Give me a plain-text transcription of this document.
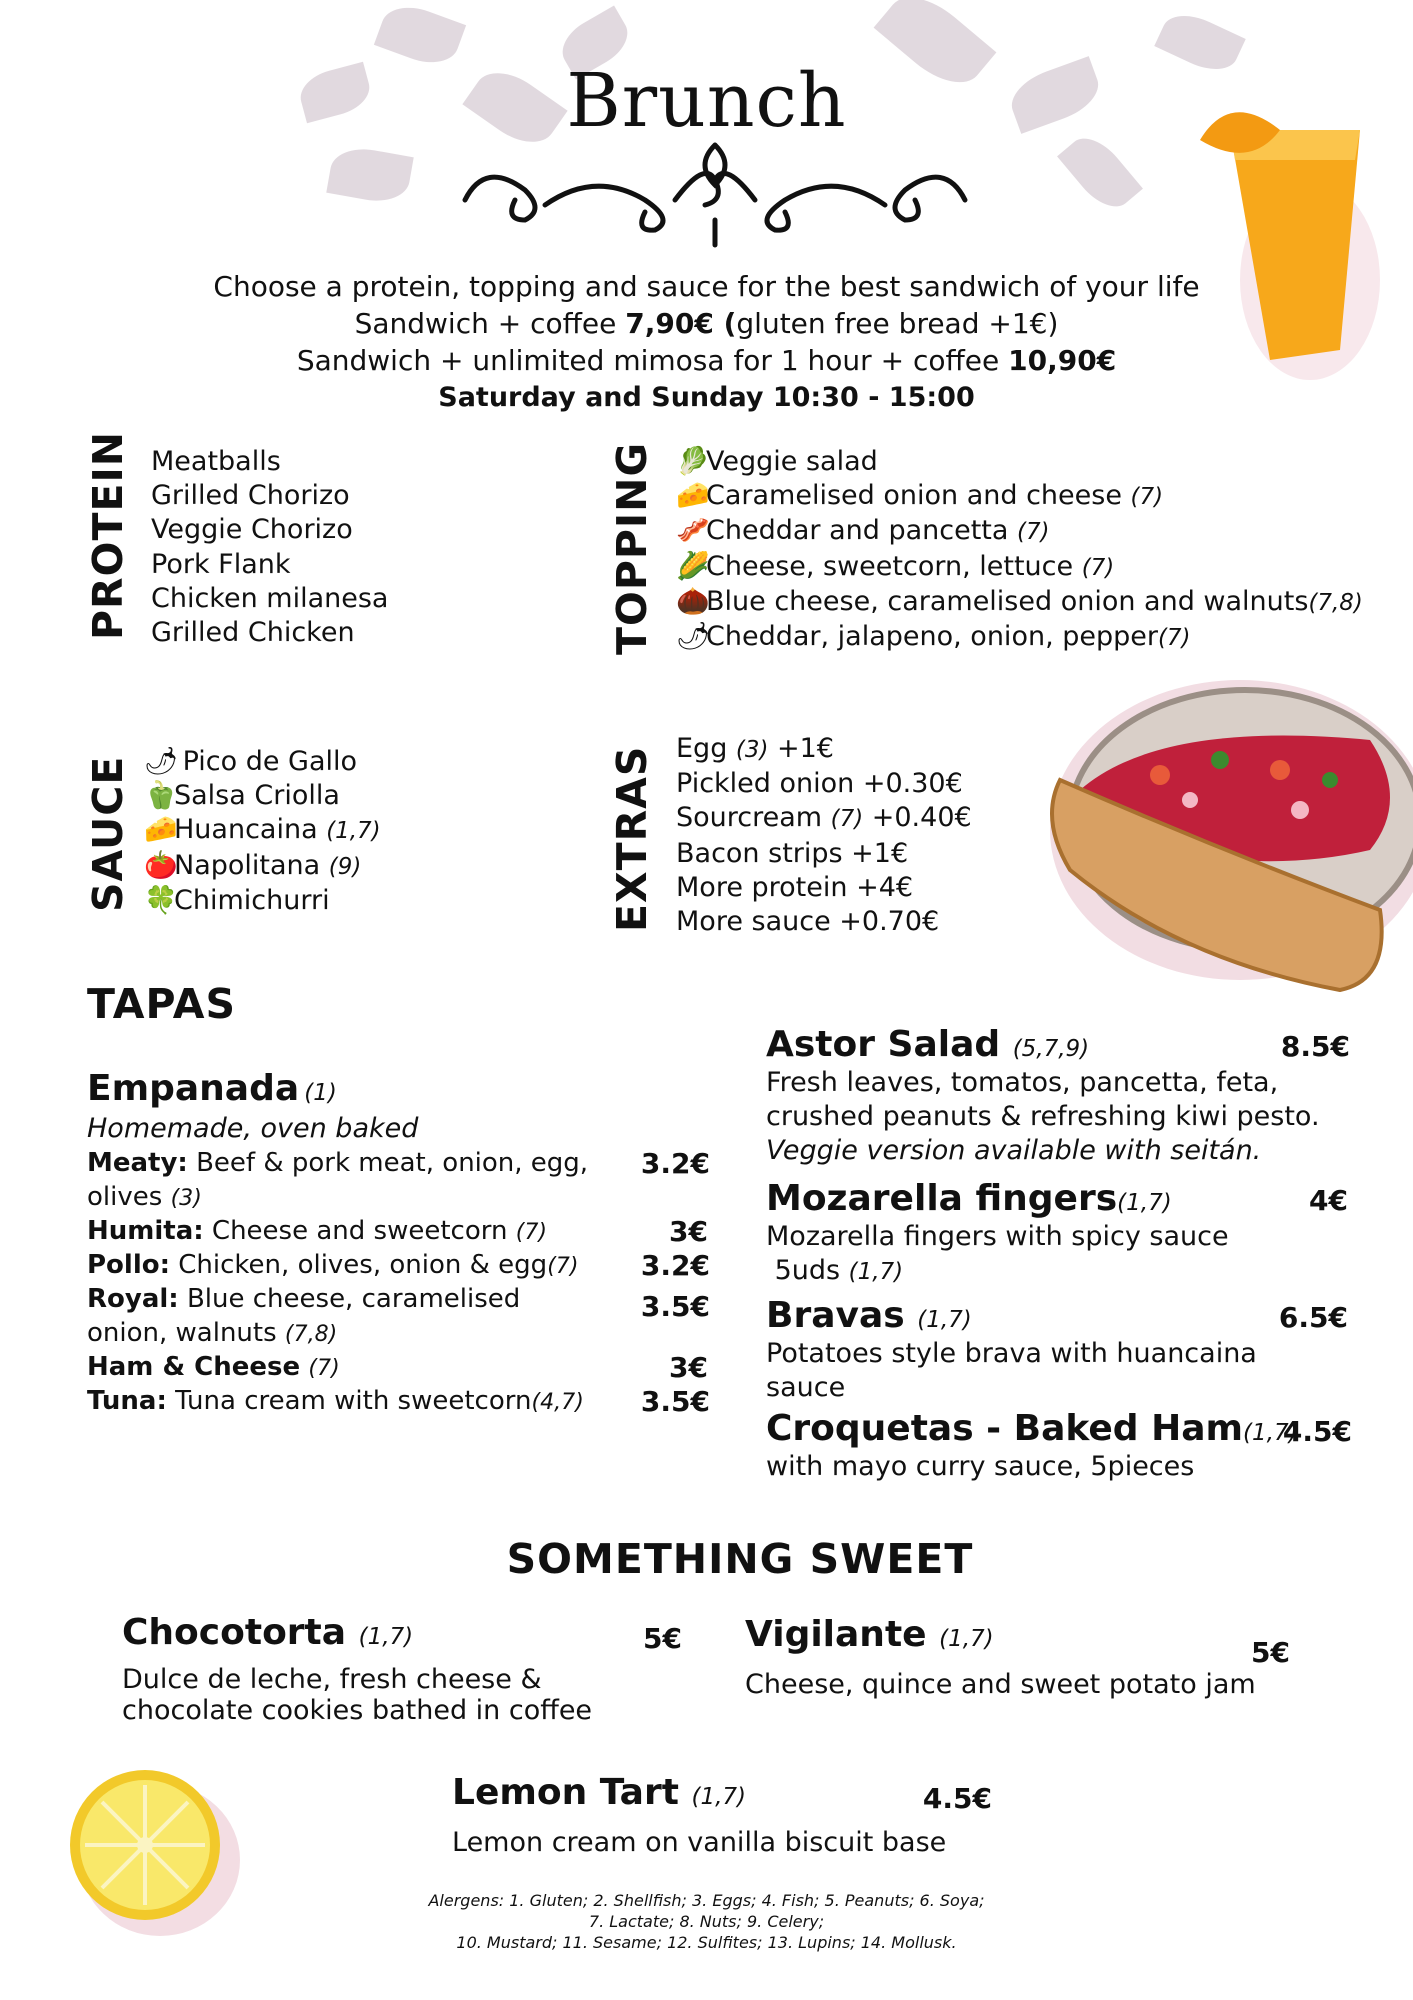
Brunch
Choose a protein, topping and sauce for the best sandwich of your life
Sandwich + coffee 7,90€ (gluten free bread +1€)
Sandwich + unlimited mimosa for 1 hour + coffee 10,90€
Saturday and Sunday 10:30 - 15:00
PROTEIN Meatballs
Grilled Chorizo
Veggie Chorizo
Pork Flank
Chicken milanesa
Grilled Chicken	TOPPING 🥬Veggie salad
🧀Caramelised onion and cheese (7)
🥓Cheddar and pancetta (7)
🌽Cheese, sweetcorn, lettuce (7)
🌰Blue cheese, caramelised onion and walnuts(7,8)
🌶Cheddar, jalapeno, onion, pepper(7)
SAUCE 🌶 Pico de Gallo
🫑Salsa Criolla
🧀Huancaina (1,7)
🍅Napolitana (9)
🍀Chimichurri	EXTRAS Egg (3) +1€
Pickled onion +0.30€
Sourcream (7) +0.40€
Bacon strips +1€
More protein +4€
More sauce +0.70€
TAPAS
Empanada (1)
Homemade, oven baked
Meaty: Beef & pork meat, onion, egg,
olives (3)
3.2€
Humita: Cheese and sweetcorn (7)	3€
Pollo: Chicken, olives, onion & egg(7)	3.2€
Royal: Blue cheese, caramelised
onion, walnuts (7,8)
3.5€
Ham & Cheese (7)	3€
Tuna: Tuna cream with sweetcorn(4,7)	3.5€
Astor Salad (5,7,9)	8.5€
Fresh leaves, tomatos, pancetta, feta,
crushed peanuts & refreshing kiwi pesto.
Veggie version available with seitán.
Mozarella fingers(1,7)	4€
Mozarella fingers with spicy sauce
5uds (1,7)
Bravas (1,7)	6.5€
Potatoes style brava with huancaina
sauce
Croquetas - Baked Ham(1,7)
4.5€
with mayo curry sauce, 5pieces
SOMETHING SWEET
Chocotorta (1,7)	5€
Dulce de leche, fresh cheese &
chocolate cookies bathed in coffee
Vigilante (1,7)	5€
Cheese, quince and sweet potato jam
Lemon Tart (1,7)	4.5€
Lemon cream on vanilla biscuit base
Alergens: 1. Gluten; 2. Shellfish; 3. Eggs; 4. Fish; 5. Peanuts; 6. Soya;
7. Lactate; 8. Nuts; 9. Celery;
10. Mustard; 11. Sesame; 12. Sulfites; 13. Lupins; 14. Mollusk.
